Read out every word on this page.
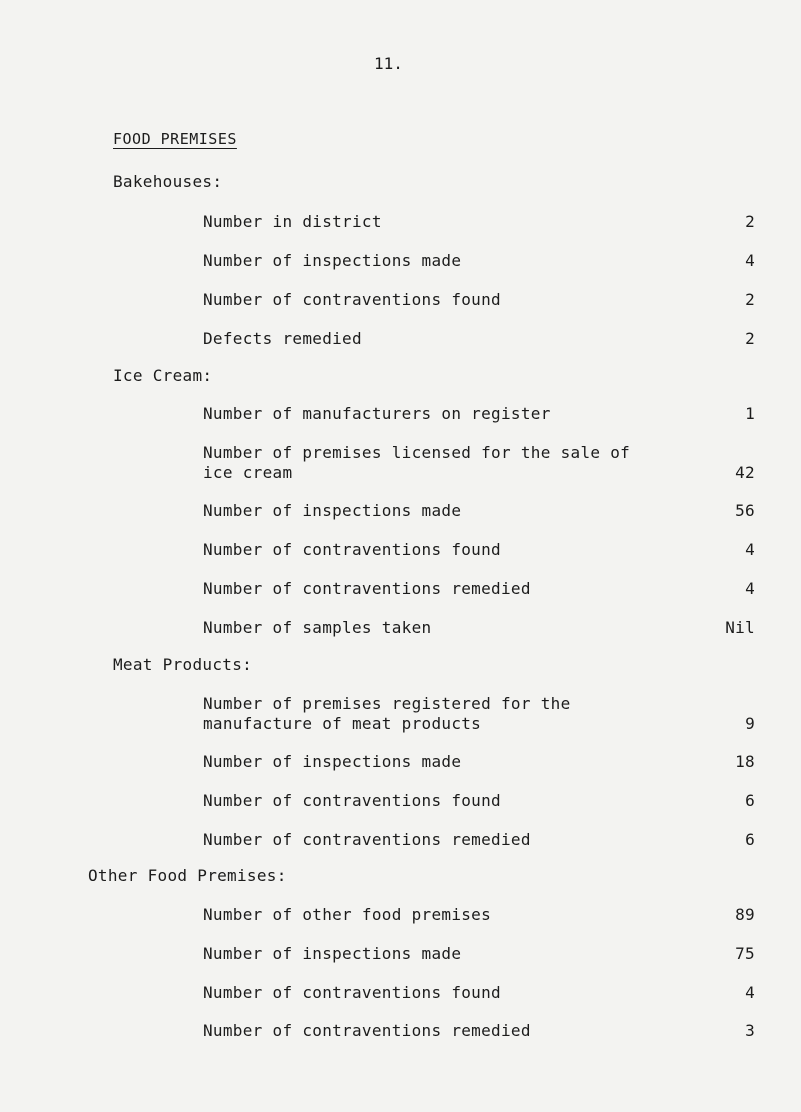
11.
FOOD PREMISES
Bakehouses:
Number in district	2
Number of inspections made	4
Number of contraventions found	2
Defects remedied	2
Ice Cream:
Number of manufacturers on register	1
Number of premises licensed for the sale of ice cream	42
Number of inspections made	56
Number of contraventions found	4
Number of contraventions remedied	4
Number of samples taken	Nil
Meat Products:
Number of premises registered for the manufacture of meat products	9
Number of inspections made	18
Number of contraventions found	6
Number of contraventions remedied	6
Other Food Premises:
Number of other food premises	89
Number of inspections made	75
Number of contraventions found	4
Number of contraventions remedied	3
